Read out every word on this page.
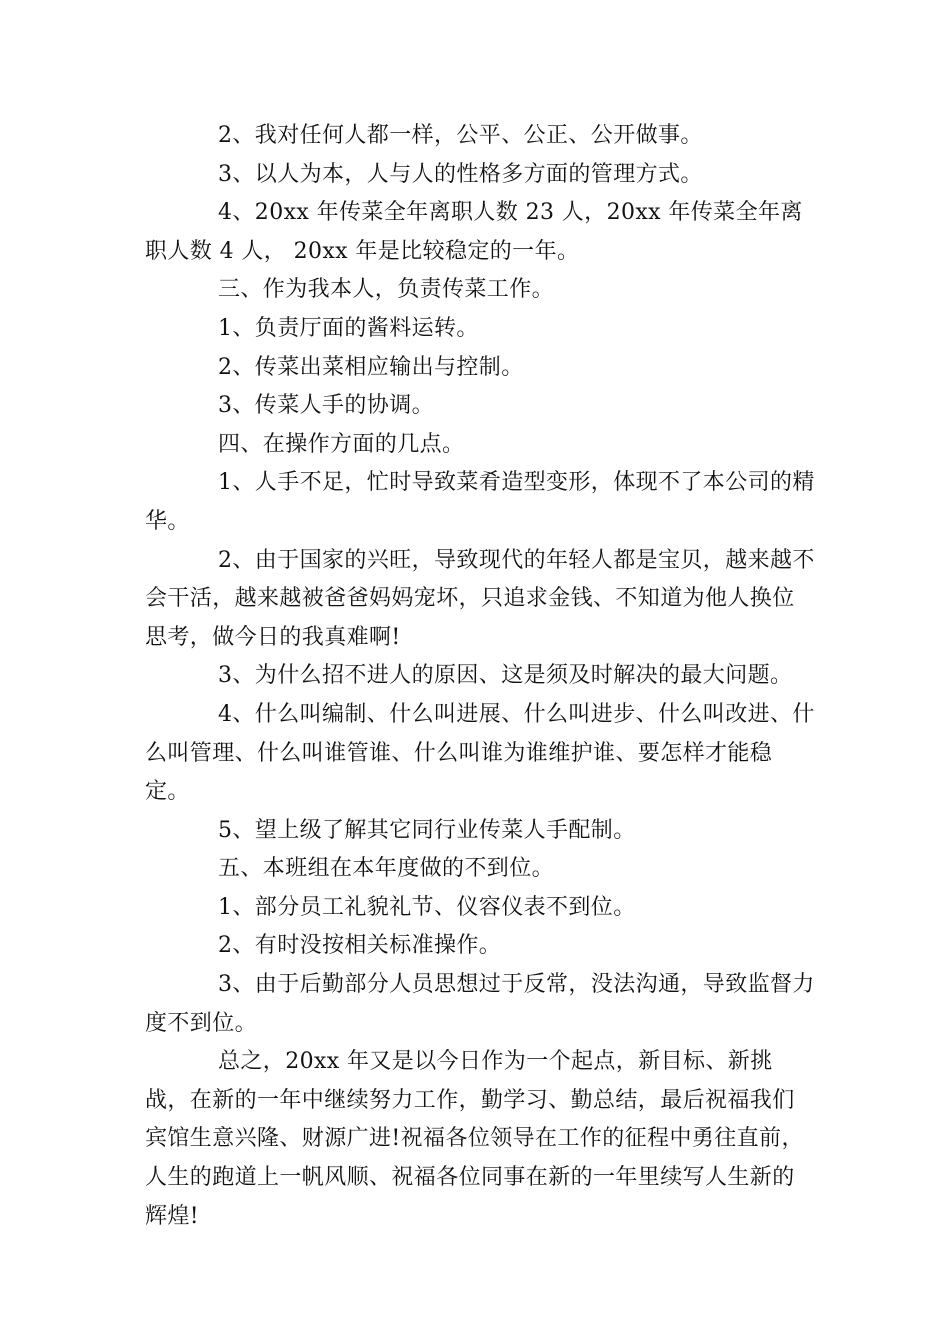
2、我对任何人都一样，公平、公正、公开做事。

3、以人为本，人与人的性格多方面的管理方式。

4、20xx 年传菜全年离职人数 23 人，20xx 年传菜全年离职人数 4 人， 20xx 年是比较稳定的一年。

三、作为我本人，负责传菜工作。

1、负责厅面的酱料运转。

2、传菜出菜相应输出与控制。

3、传菜人手的协调。

四、在操作方面的几点。

1、人手不足，忙时导致菜肴造型变形，体现不了本公司的精华。

2、由于国家的兴旺，导致现代的年轻人都是宝贝，越来越不会干活，越来越被爸爸妈妈宠坏，只追求金钱、不知道为他人换位思考，做今日的我真难啊!

3、为什么招不进人的原因、这是须及时解决的最大问题。

4、什么叫编制、什么叫进展、什么叫进步、什么叫改进、什么叫管理、什么叫谁管谁、什么叫谁为谁维护谁、要怎样才能稳定。

5、望上级了解其它同行业传菜人手配制。

五、本班组在本年度做的不到位。

1、部分员工礼貌礼节、仪容仪表不到位。

2、有时没按相关标准操作。

3、由于后勤部分人员思想过于反常，没法沟通，导致监督力度不到位。

总之，20xx 年又是以今日作为一个起点，新目标、新挑战，在新的一年中继续努力工作，勤学习、勤总结，最后祝福我们宾馆生意兴隆、财源广进!祝福各位领导在工作的征程中勇往直前，人生的跑道上一帆风顺、祝福各位同事在新的一年里续写人生新的辉煌!
